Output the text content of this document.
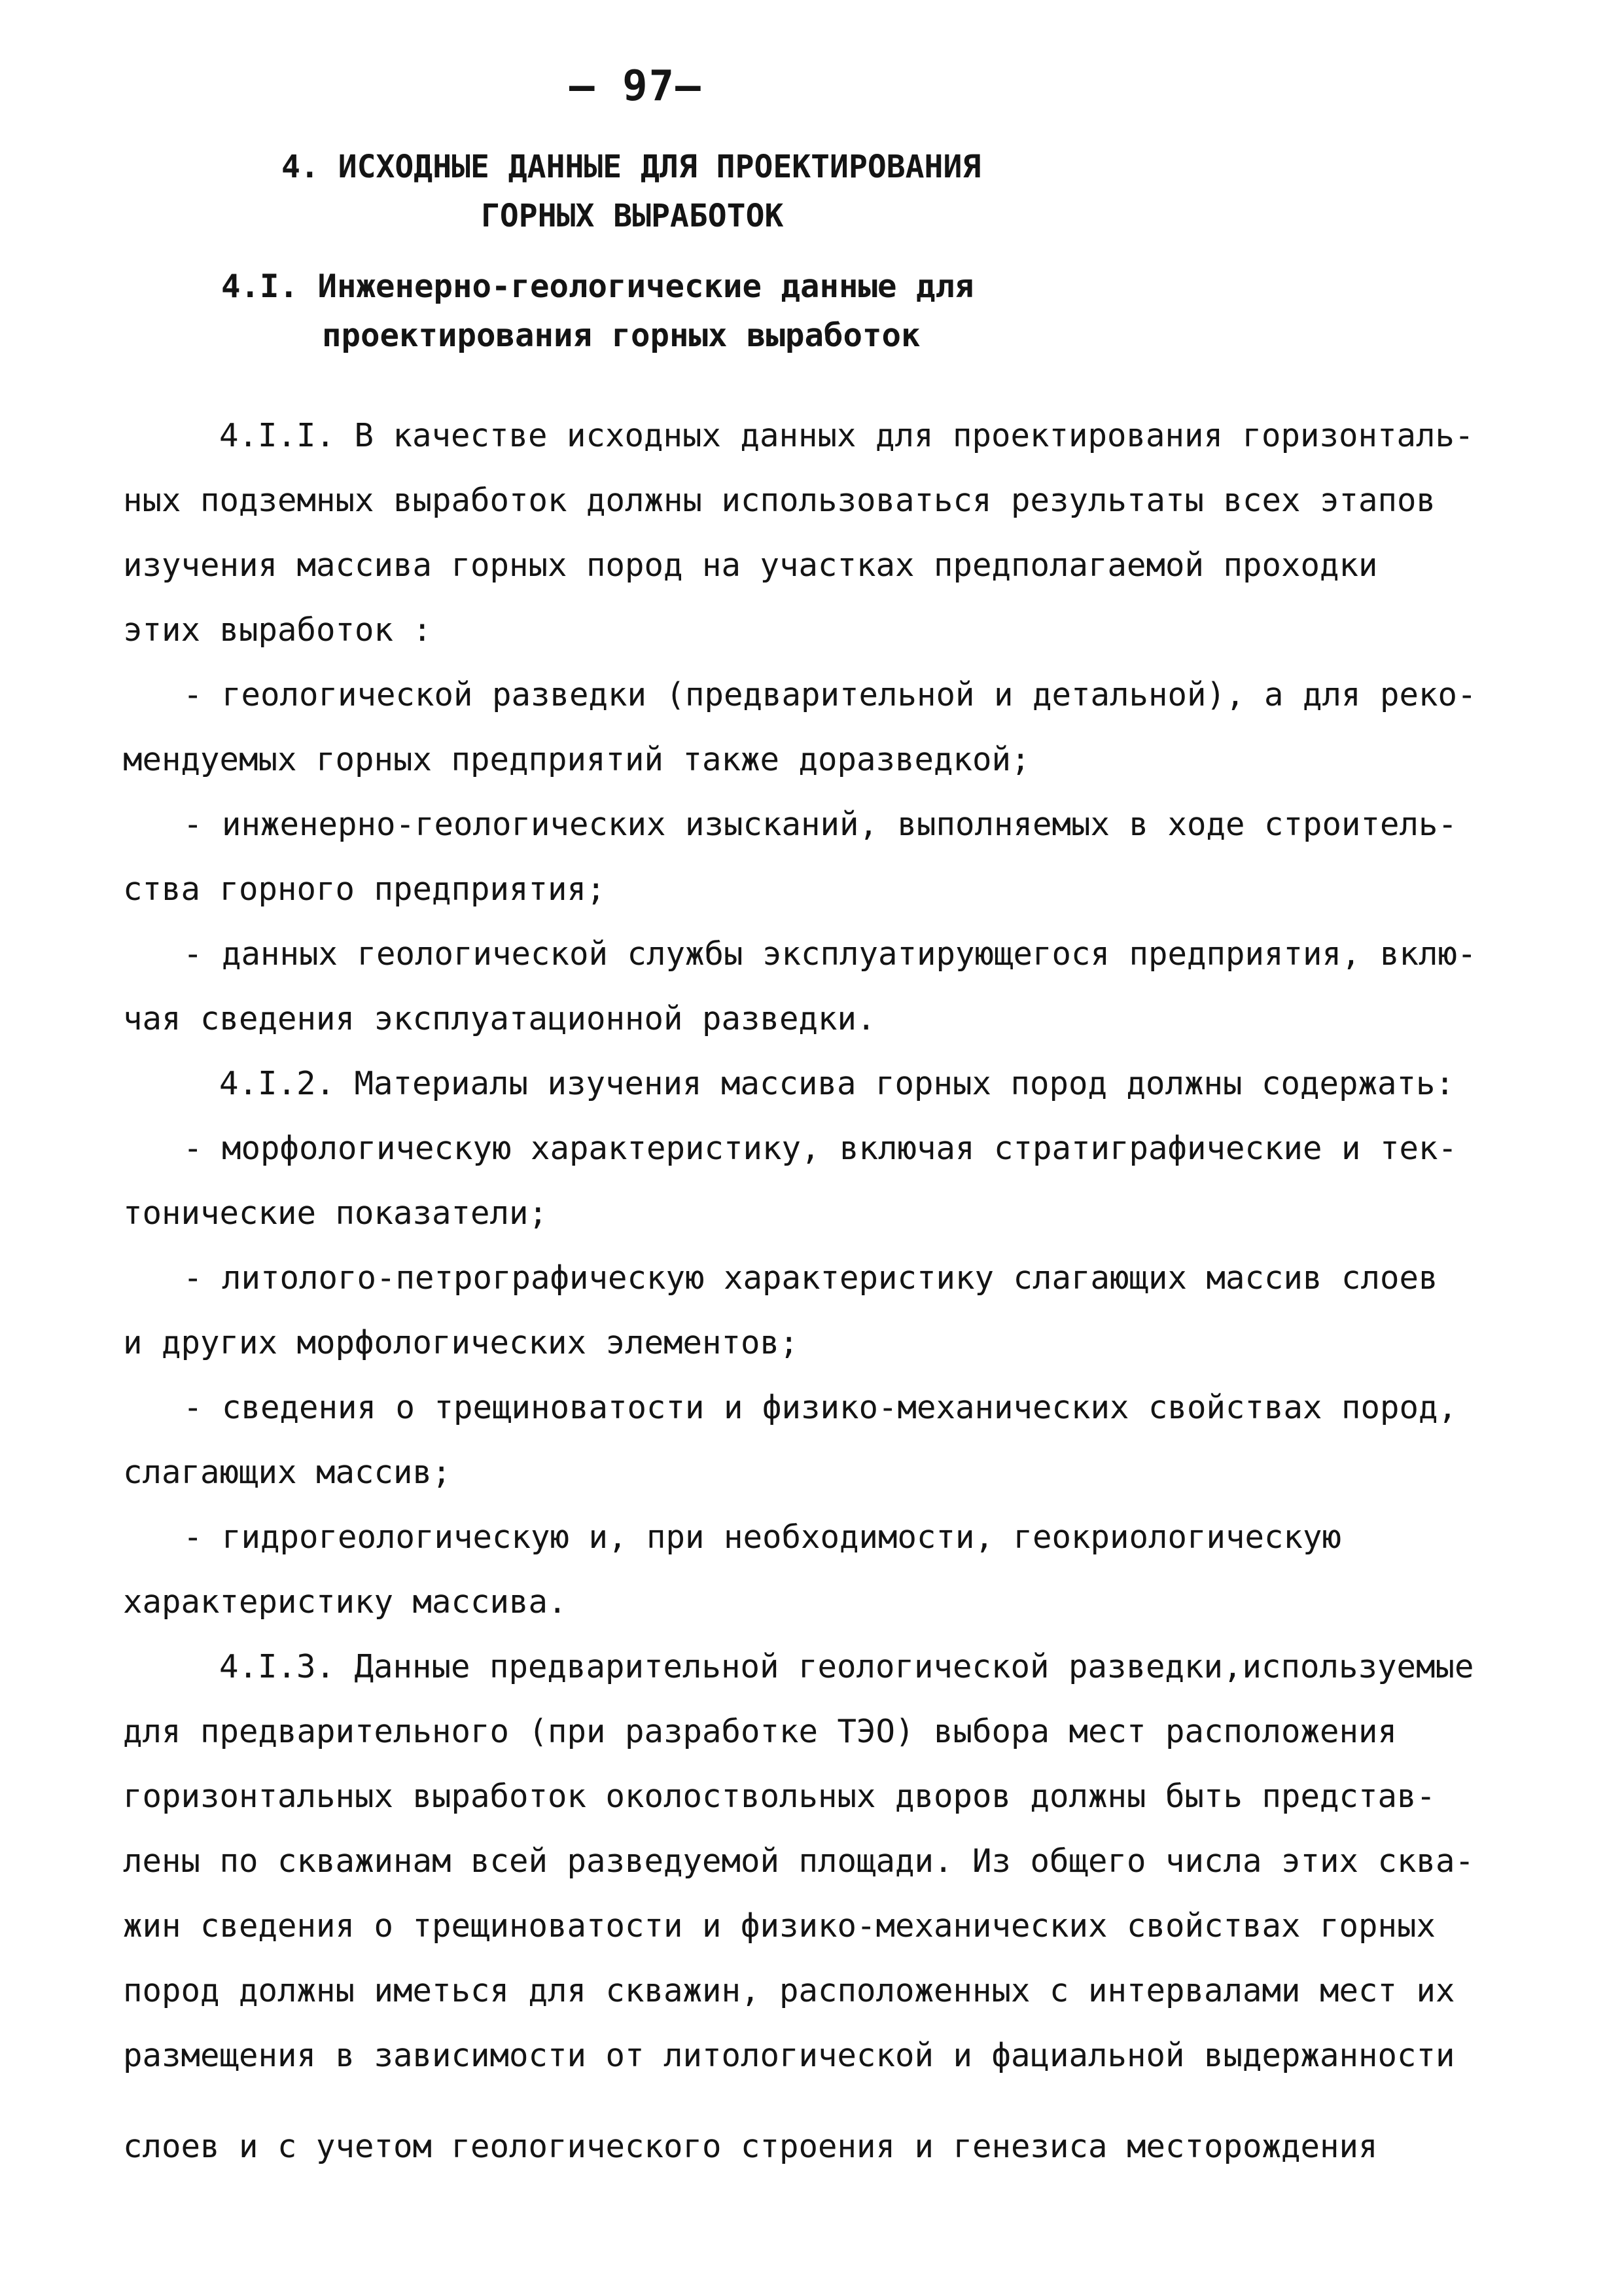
— 97—
4. ИСХОДНЫЕ ДАННЫЕ ДЛЯ ПРОЕКТИРОВАНИЯ
ГОРНЫХ ВЫРАБОТОК
4.I. Инженерно-геологические данные для
проектирования горных выработок
4.I.I. В качестве исходных данных для проектирования горизонталь-
ных подземных выработок должны использоваться результаты всех этапов
изучения массива горных пород на участках предполагаемой проходки
этих выработок :
- геологической разведки (предварительной и детальной), а для реко-
мендуемых горных предприятий также доразведкой;
- инженерно-геологических изысканий, выполняемых в ходе строитель-
ства горного предприятия;
- данных геологической службы эксплуатирующегося предприятия, вклю-
чая сведения эксплуатационной разведки.
4.I.2. Материалы изучения массива горных пород должны содержать:
- морфологическую характеристику, включая стратиграфические и тек-
тонические показатели;
- литолого-петрографическую характеристику слагающих массив слоев
и других морфологических элементов;
- сведения о трещиноватости и физико-механических свойствах пород,
слагающих массив;
- гидрогеологическую и, при необходимости, геокриологическую
характеристику массива.
4.I.3. Данные предварительной геологической разведки,используемые
для предварительного (при разработке ТЭО) выбора мест расположения
горизонтальных выработок околоствольных дворов должны быть представ-
лены по скважинам всей разведуемой площади. Из общего числа этих сква-
жин сведения о трещиноватости и физико-механических свойствах горных
пород должны иметься для скважин, расположенных с интервалами мест их
размещения в зависимости от литологической и фациальной выдержанности
слоев и с учетом геологического строения и генезиса месторождения
